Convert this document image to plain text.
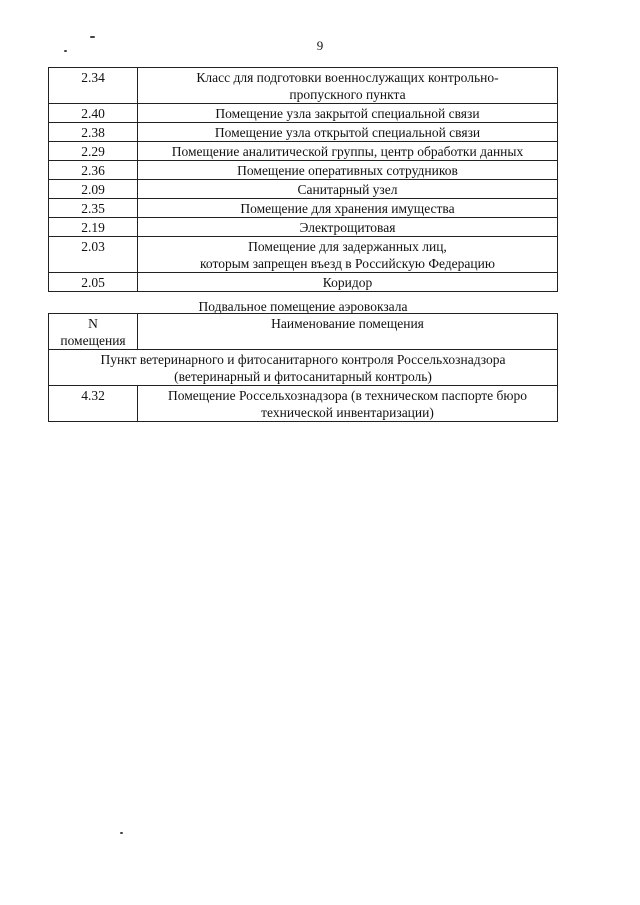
9
2.34	Класс для подготовки военнослужащих контрольно-
пропускного пункта

2.40	Помещение узла закрытой специальной связи

2.38	Помещение узла открытой специальной связи

2.29	Помещение аналитической группы, центр обработки данных

2.36	Помещение оперативных сотрудников

2.09	Санитарный узел

2.35	Помещение для хранения имущества

2.19	Электрощитовая

2.03	Помещение для задержанных лиц,
которым запрещен въезд в Российскую Федерацию

2.05	Коридор
Подвальное помещение аэровокзала
N
помещения	Наименование помещения

Пункт ветеринарного и фитосанитарного контроля Россельхознадзора
(ветеринарный и фитосанитарный контроль)	

4.32	Помещение Россельхознадзора (в техническом паспорте бюро
технической инвентаризации)
